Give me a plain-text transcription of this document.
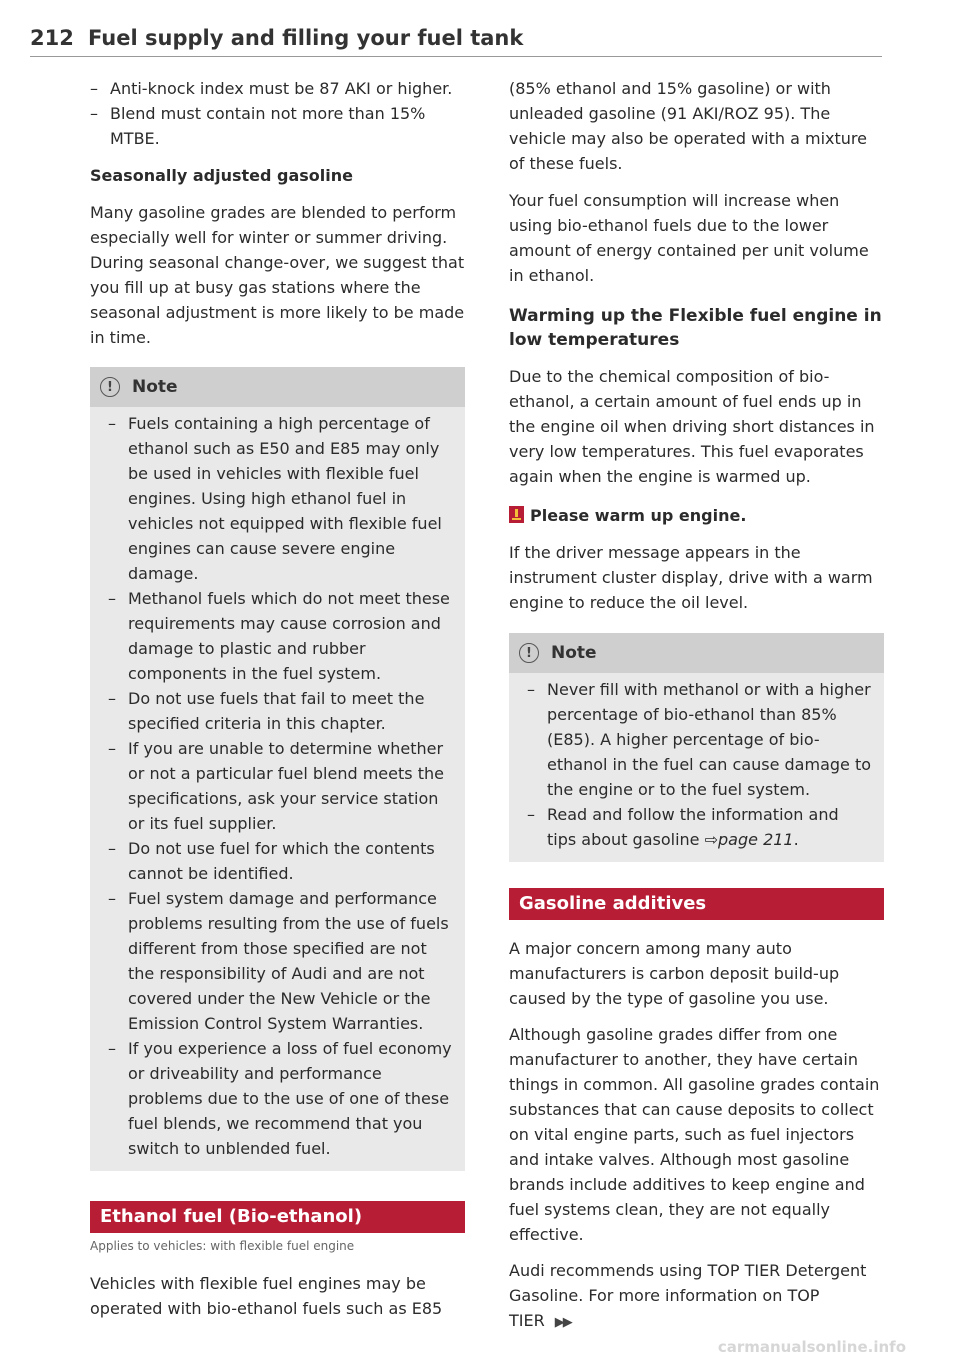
212 Fuel supply and filling your fuel tank
– Anti-knock index must be 87 AKI or higher.
– Blend must contain not more than 15% MTBE.

Seasonally adjusted gasoline

Many gasoline grades are blended to perform especially well for winter or summer driving. During seasonal change-over, we suggest that you fill up at busy gas stations where the seasonal adjustment is more likely to be made in time.

!	Note
– Fuels containing a high percentage of ethanol such as E50 and E85 may only be used in vehicles with flexible fuel engines. Using high ethanol fuel in vehicles not equipped with flexible fuel engines can cause severe engine damage.
– Methanol fuels which do not meet these requirements may cause corrosion and damage to plastic and rubber components in the fuel system.
– Do not use fuels that fail to meet the specified criteria in this chapter.
– If you are unable to determine whether or not a particular fuel blend meets the specifications, ask your service station or its fuel supplier.
– Do not use fuel for which the contents cannot be identified.
– Fuel system damage and performance problems resulting from the use of fuels different from those specified are not the responsibility of Audi and are not covered under the New Vehicle or the Emission Control System Warranties.
– If you experience a loss of fuel economy or driveability and performance problems due to the use of one of these fuel blends, we recommend that you switch to unblended fuel.
Ethanol fuel (Bio-ethanol)

Applies to vehicles: with flexible fuel engine

Vehicles with flexible fuel engines may be operated with bio-ethanol fuels such as E85

(85% ethanol and 15% gasoline) or with unleaded gasoline (91 AKI/ROZ 95). The vehicle may also be operated with a mixture of these fuels.

Your fuel consumption will increase when using bio-ethanol fuels due to the lower amount of energy contained per unit volume in ethanol.

Warming up the Flexible fuel engine in low temperatures

Due to the chemical composition of bio-ethanol, a certain amount of fuel ends up in the engine oil when driving short distances in very low temperatures. This fuel evaporates again when the engine is warmed up.

Please warm up engine.

If the driver message appears in the instrument cluster display, drive with a warm engine to reduce the oil level.

!	Note
– Never fill with methanol or with a higher percentage of bio-ethanol than 85% (E85). A higher percentage of bio-ethanol in the fuel can cause damage to the engine or to the fuel system.
– Read and follow the information and tips about gasoline ⇨page 211.
Gasoline additives

A major concern among many auto manufacturers is carbon deposit build-up caused by the type of gasoline you use.

Although gasoline grades differ from one manufacturer to another, they have certain things in common. All gasoline grades contain substances that can cause deposits to collect on vital engine parts, such as fuel injectors and intake valves. Although most gasoline brands include additives to keep engine and fuel systems clean, they are not equally effective.

Audi recommends using TOP TIER Detergent Gasoline. For more information on TOP TIER ▶▶

carmanualsonline.info
